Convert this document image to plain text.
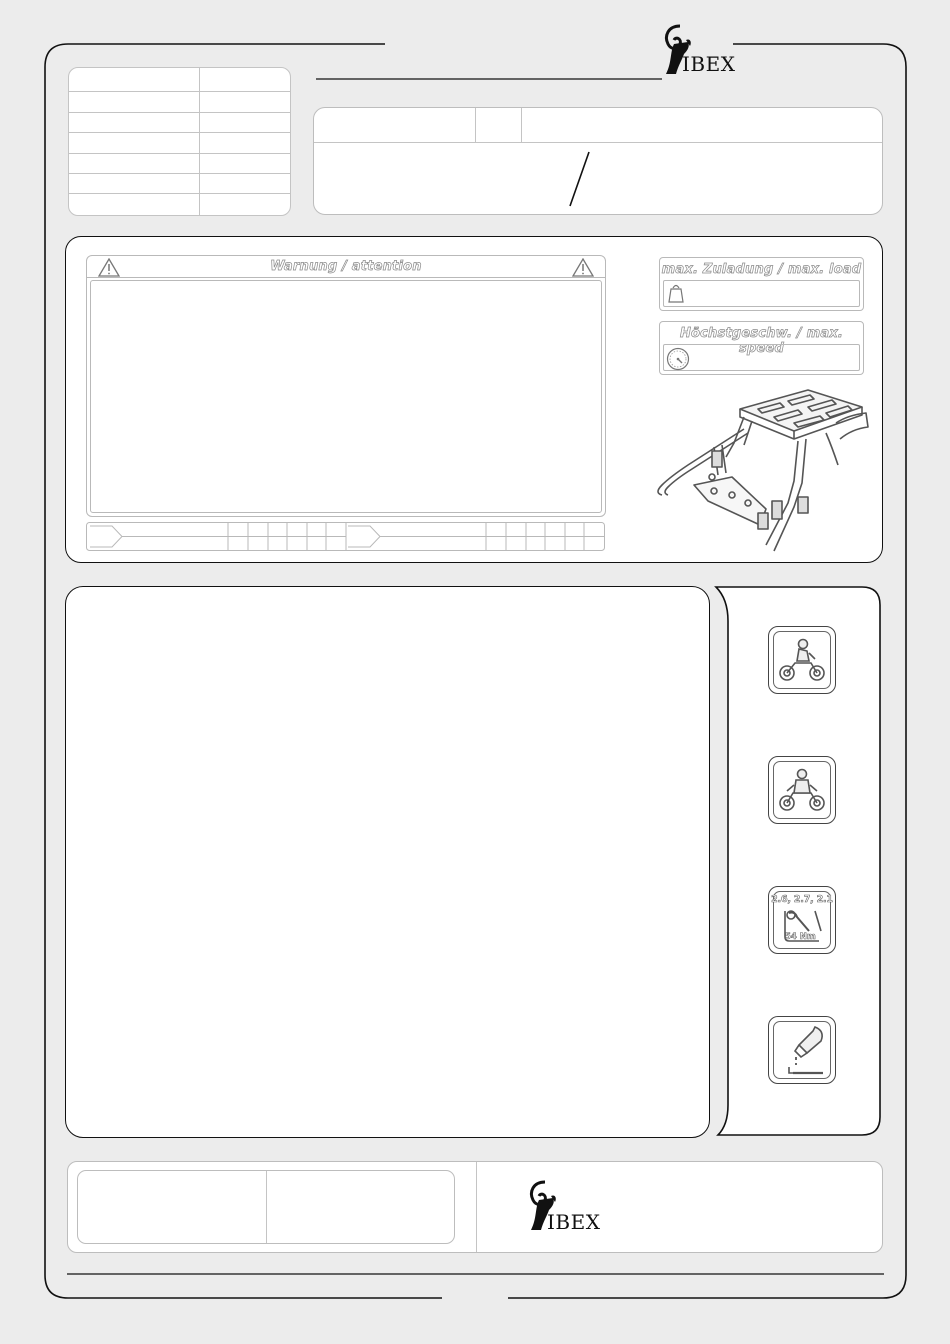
IBEX
Warnung / attention	max. Zuladung / max. load
Höchstgeschw. / max. speed
2.6, 2.7, 2.1
54 Nm
IBEX
